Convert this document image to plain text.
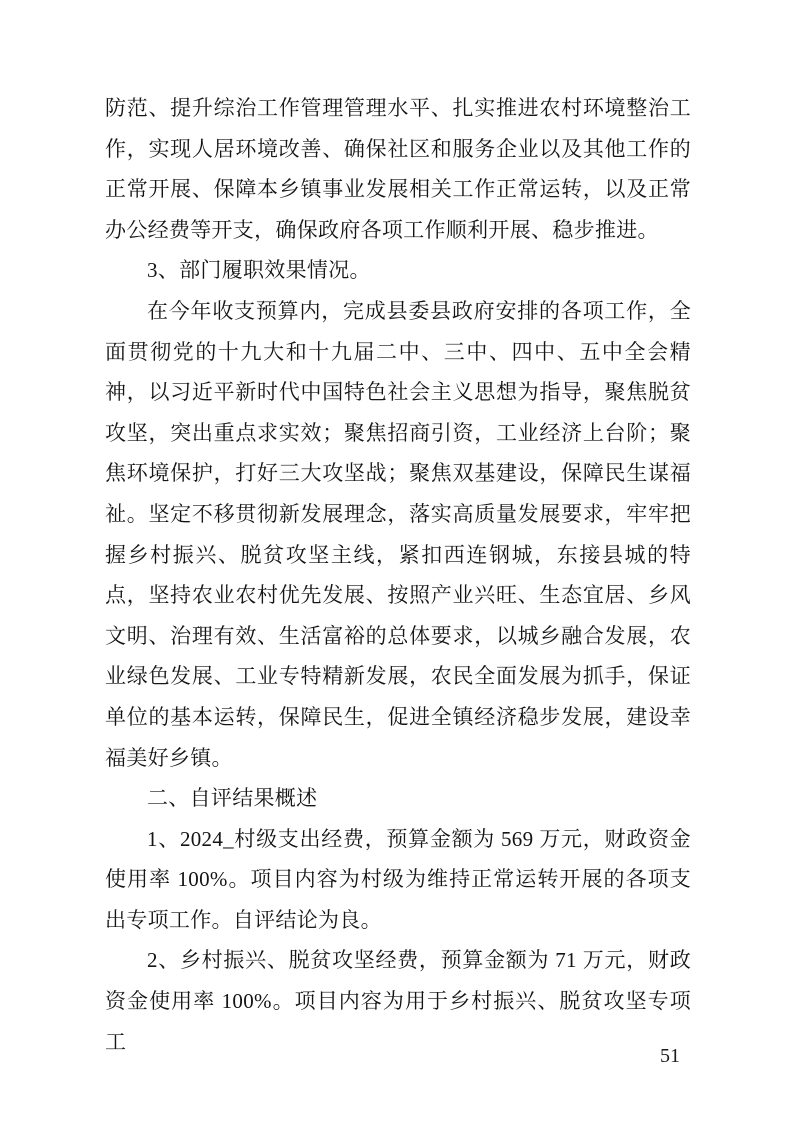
防范、提升综治工作管理管理水平、扎实推进农村环境整治工作，实现人居环境改善、确保社区和服务企业以及其他工作的正常开展、保障本乡镇事业发展相关工作正常运转，以及正常办公经费等开支，确保政府各项工作顺利开展、稳步推进。

3、部门履职效果情况。

在今年收支预算内，完成县委县政府安排的各项工作，全面贯彻党的十九大和十九届二中、三中、四中、五中全会精神，以习近平新时代中国特色社会主义思想为指导，聚焦脱贫攻坚，突出重点求实效；聚焦招商引资，工业经济上台阶；聚焦环境保护，打好三大攻坚战；聚焦双基建设，保障民生谋福祉。坚定不移贯彻新发展理念，落实高质量发展要求，牢牢把握乡村振兴、脱贫攻坚主线，紧扣西连钢城，东接县城的特点，坚持农业农村优先发展、按照产业兴旺、生态宜居、乡风文明、治理有效、生活富裕的总体要求，以城乡融合发展，农业绿色发展、工业专特精新发展，农民全面发展为抓手，保证单位的基本运转，保障民生，促进全镇经济稳步发展，建设幸福美好乡镇。

二、自评结果概述

1、2024_村级支出经费，预算金额为 569 万元，财政资金使用率 100%。项目内容为村级为维持正常运转开展的各项支出专项工作。自评结论为良。

2、乡村振兴、脱贫攻坚经费，预算金额为 71 万元，财政资金使用率 100%。项目内容为用于乡村振兴、脱贫攻坚专项工

51
